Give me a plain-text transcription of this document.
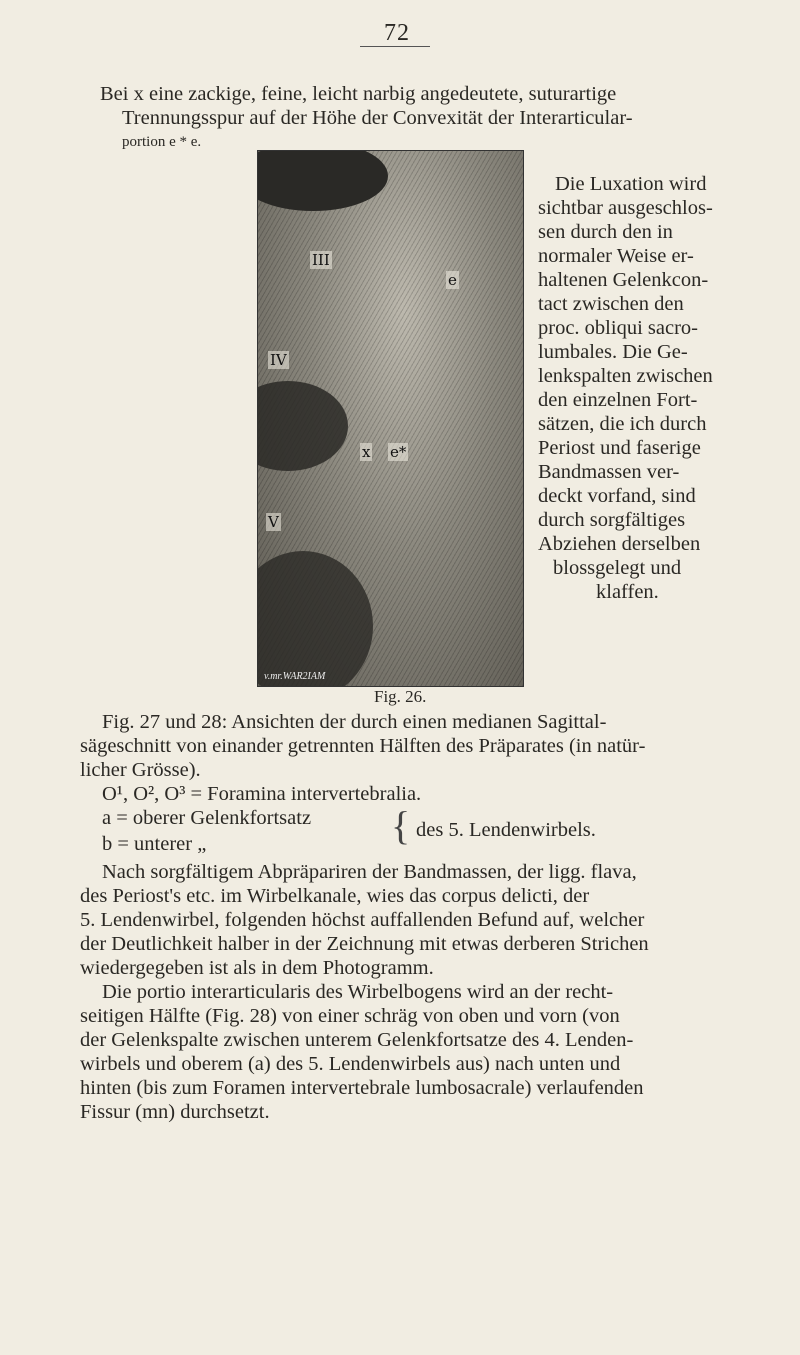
72
Bei x eine zackige, feine, leicht narbig angedeutete, suturartige
Trennungsspur auf der Höhe der Convexität der Interarticular-
portion e * e.
III
IV
V
x e*
e
v.mr.WAR2IAM
Die Luxation wird
sichtbar ausgeschlos-
sen durch den in
normaler Weise er-
haltenen Gelenkcon-
tact zwischen den
proc. obliqui sacro-
lumbales. Die Ge-
lenkspalten zwischen
den einzelnen Fort-
sätzen, die ich durch
Periost und faserige
Bandmassen ver-
deckt vorfand, sind
durch sorgfältiges
Abziehen derselben
blossgelegt und
klaffen.
Fig. 26.
Fig. 27 und 28: Ansichten der durch einen medianen Sagittal-
sägeschnitt von einander getrennten Hälften des Präparates (in natür-
licher Grösse).
O¹, O², O³ = Foramina intervertebralia.
a = oberer Gelenkfortsatz
b = unterer „	{ des 5. Lendenwirbels.
Nach sorgfältigem Abpräpariren der Bandmassen, der ligg. flava,
des Periost's etc. im Wirbelkanale, wies das corpus delicti, der
5. Lendenwirbel, folgenden höchst auffallenden Befund auf, welcher
der Deutlichkeit halber in der Zeichnung mit etwas derberen Strichen
wiedergegeben ist als in dem Photogramm.
Die portio interarticularis des Wirbelbogens wird an der recht-
seitigen Hälfte (Fig. 28) von einer schräg von oben und vorn (von
der Gelenkspalte zwischen unterem Gelenkfortsatze des 4. Lenden-
wirbels und oberem (a) des 5. Lendenwirbels aus) nach unten und
hinten (bis zum Foramen intervertebrale lumbosacrale) verlaufenden
Fissur (mn) durchsetzt.
